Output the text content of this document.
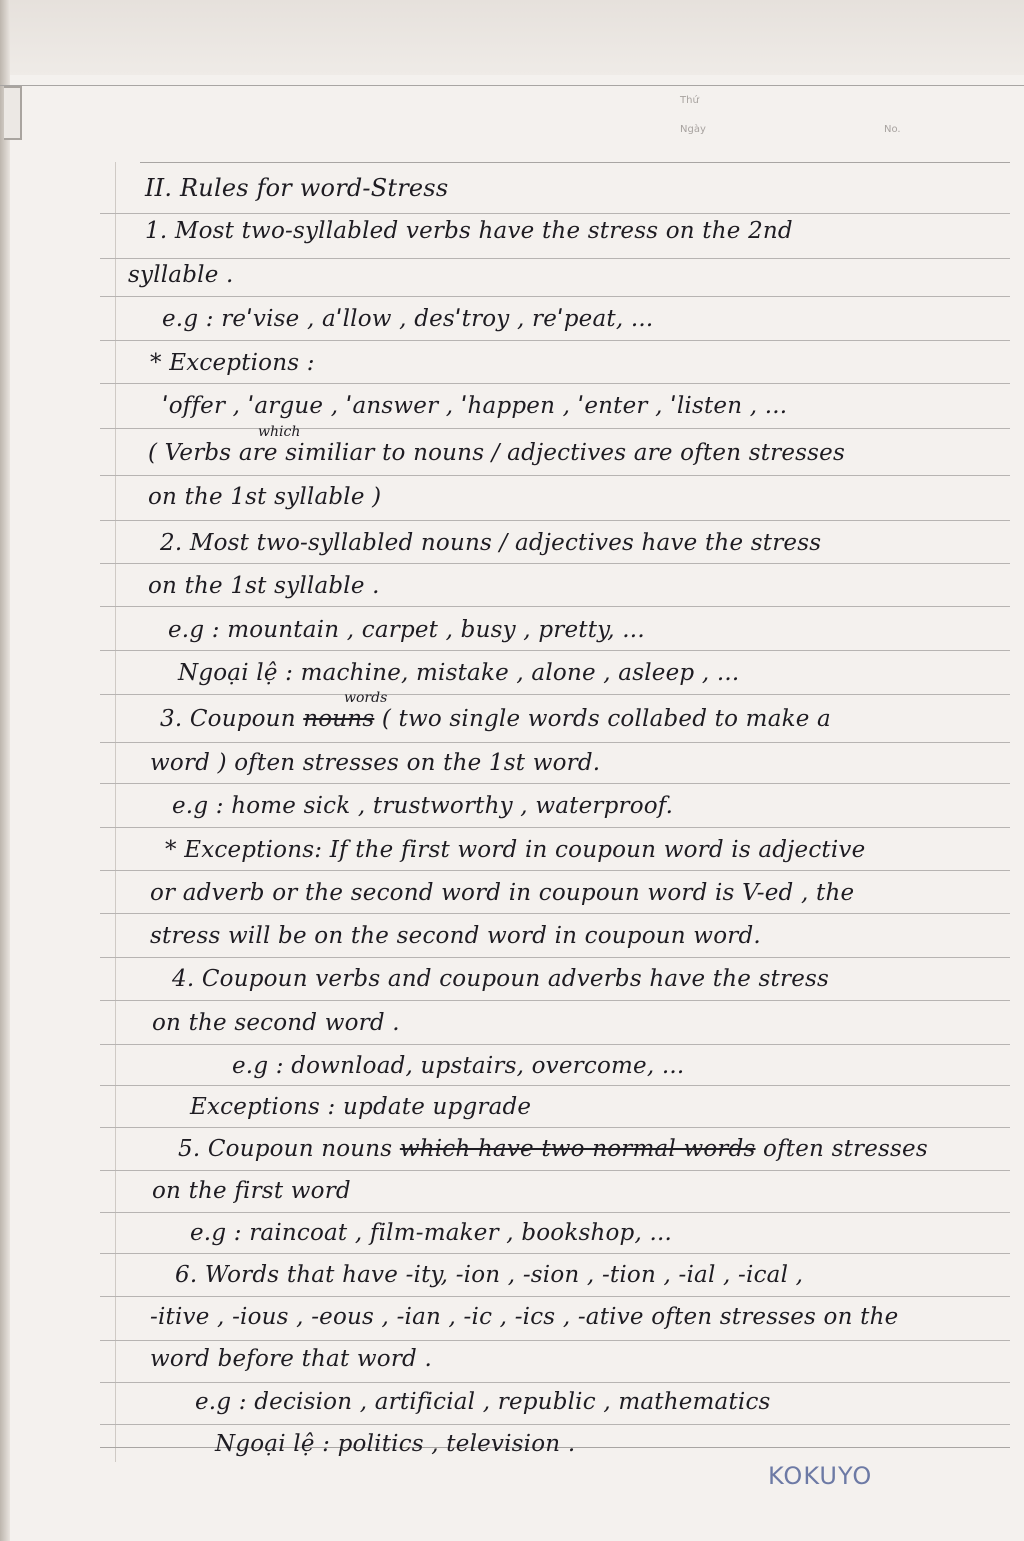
Thứ
Ngày	No.
II. Rules for word-Stress
1. Most two-syllabled verbs have the stress on the 2nd
syllable .
e.g : reˈvise , aˈllow , desˈtroy , reˈpeat, ...
* Exceptions :
ˈoffer , ˈargue , ˈanswer , ˈhappen , ˈenter , ˈlisten , ...
which
( Verbs are similiar to nouns / adjectives are often stresses
on the 1st syllable )
2. Most two-syllabled nouns / adjectives have the stress
on the 1st syllable .
e.g : mountain , carpet , busy , pretty, ...
Ngoại lệ : machine, mistake , alone , asleep , ...
words
3. Coupoun nouns ( two single words collabed to make a
word ) often stresses on the 1st word.
e.g : home sick , trustworthy , waterproof.
* Exceptions: If the first word in coupoun word is adjective
or adverb or the second word in coupoun word is V-ed , the
stress will be on the second word in coupoun word.
4. Coupoun verbs and coupoun adverbs have the stress
on the second word .
e.g : download, upstairs, overcome, ...
Exceptions : update upgrade
5. Coupoun nouns which have two normal words often stresses
on the first word
e.g : raincoat , film-maker , bookshop, ...
6. Words that have -ity, -ion , -sion , -tion , -ial , -ical ,
-itive , -ious , -eous , -ian , -ic , -ics , -ative often stresses on the
word before that word .
e.g : decision , artificial , republic , mathematics
Ngoại lệ : politics , television .
KOKUYO
